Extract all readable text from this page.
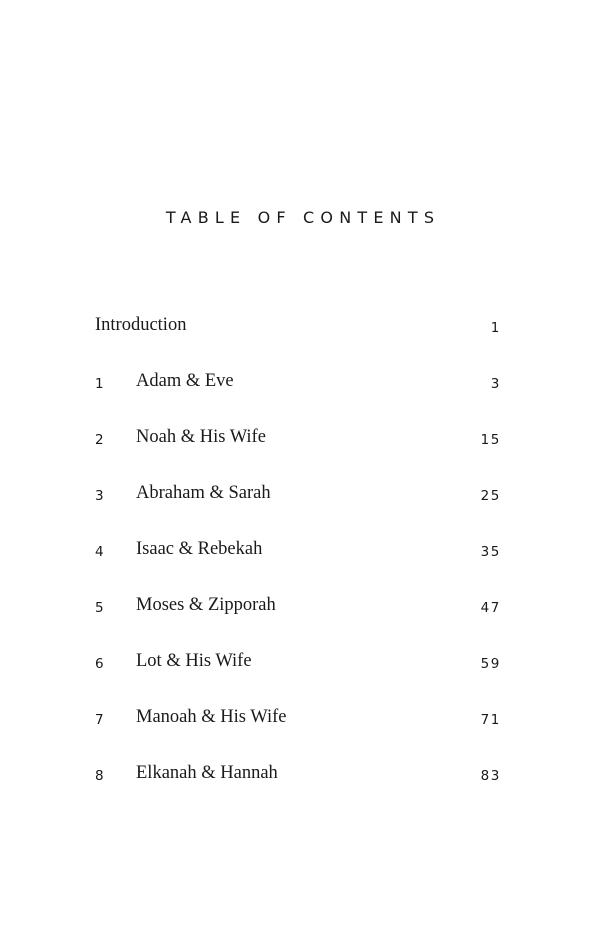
TABLE OF CONTENTS
Introduction	1
1 Adam & Eve	3
2 Noah & His Wife	15
3 Abraham & Sarah	25
4 Isaac & Rebekah	35
5 Moses & Zipporah	47
6 Lot & His Wife	59
7 Manoah & His Wife	71
8 Elkanah & Hannah	83
